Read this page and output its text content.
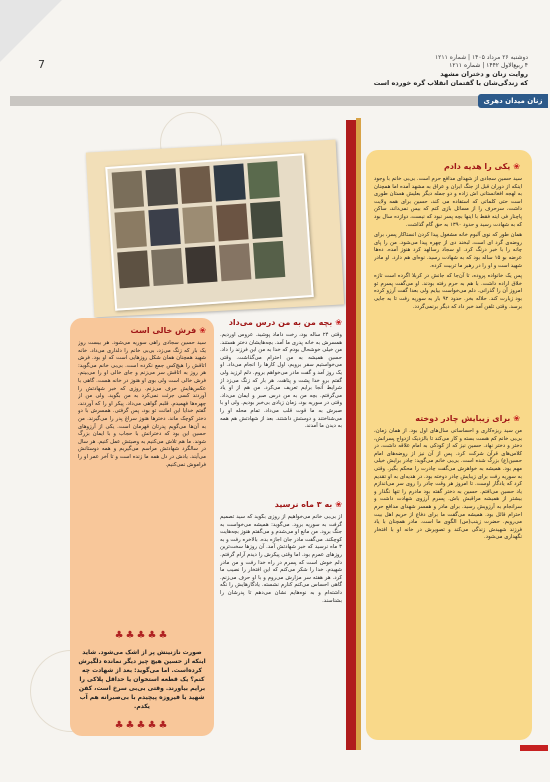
7
دوشنبه ۲۶ مرداد ۱۴۰۵ | شماره ۱۲۱۱
۴ ربیع‌الاول ۱۴۴۲ | شماره ۱۲۱۱
روایت زنان و دختران مشهد
که زندگی‌شان با گفتمان انقلاب گره خورده است
زنان میدان دهری
❀یکی را هدیه دادم

سید حسین سجادی از شهدای مدافع حرم است. بی‌بی خانم با وجود اینکه از دوران قبل از جنگ ایران و عراق به مشهد آمده اما همچنان به لهجه افغانستانی اش زاده و دو جمله دیگر بعلیش هستان طوری است حتی کلماتی که استفاده می کند، حسین برای همه ولایت داشت، سرحرف را از مسائل بازی کنم که بیس نمی‌داند، ساکن پاچنار فی اینه فقط با اینها بچه پسر نبود که نیست، دوازده سال بود که به شهادت رسید و حدود ۱۳۹۰ به حق گام گذاشت.

همان طور که نوی آلبوم خانه مشغول پیدا کردن انستاکار پسر، برای روضه‌ی گرد ای است، لبخند دی از چهره پیدا می‌شود. من را پای چانه را با خبر درنگ کرد. او سجاد رسالهد کرد هنوز آمده. ده‌ها عرضه بو ۱۵ ساله بود که به شهادت رسید. نوه‌ای هم دارد. او مادر شهید است و او را در رهبر ما تربیت کرده.

پس یک خانواده پروده، تا آن‌جا که جانش در کربلا اگرده است تازه خلاق اراده داشت. با هم به حرم رفته بودند. او می‌گفت پسرم تو امروز آن را گذرانی. دلم می‌خواست بیایم ولی بعدا گفت آرزو کرده بود زیارت کند. حلاله بخر. حدود ۹۲ بار به سوریه رفت تا به جایی برسد. وقتی تلفن آمد خبر داد که دیگر برنمی‌گردد.

❀برای زیبایش چادر دوخته

من سید ریزه‌کاری و احساساتی سال‌های اول بود. از همان زمان، بی‌بی خانم کم هست بسته و کار می‌کند تا بالزدیک ازدواج پسرانش، دختر و دختر نهاد. حسین نیز که از کودکی به امام علاقه داشت، در کلاس‌های قرآن شرکت کرد. پس از آن نیز از روضه‌های امام حسین(ع) بزرگ شده است. بی‌بی خانم می‌گوید: چادر برایش خیلی مهم بود. همیشه به خواهرش می‌گفت چادرت را محکم بگیر. وقتی به سوریه رفت برای زیبایش چادر دوخته بود. در هدیه‌ای به او تقدیم کرد که یادگار اوست. تا امروز هر وقت چادر را روی سر می‌اندازم یاد حسین می‌افتم. حسین به دختر گفته بود مادرم را تنها نگذار و بیشتر از همیشه مراقبش باش. پسرم آرزوی شهادت داشت و سرانجام به آرزویش رسید. برای مادر و همسر شهدای مدافع حرم احترام قائل بود. همیشه می‌گفت ما برای دفاع از حریم اهل بیت می‌رویم. حضرت زینب(س) الگوی ما است. مادر همچنان با یاد فرزند شهیدش زندگی می‌کند و تصویرش در خانه او با افتخار نگهداری می‌شود.

❀بچه من به من درس می‌داد

وقتی ۲۴ ساله بود، رخت داماد پوشید. عروس آوردیم. همسرش به خانه پدری ما آمد. بچه‌هایشان دختر هستند. من خیلی خوشحال بودم که خدا به من این فرزند را داد. حسین همیشه به من احترام می‌گذاشت. وقتی می‌خواستیم سفر برویم، اول کارها را انجام می‌داد. او یک روز آمد و گفت مادر می‌خواهم بروم. دلم لرزید ولی گفتم برو خدا پشت و پناهت. هر بار که زنگ می‌زد از شرایط آنجا برایم تعریف می‌کرد. من هم از او یاد می‌گرفتم. بچه من به من درس صبر و ایمان می‌داد. وقتی در سوریه بود، زمان زیادی بی‌خبر بودیم. ولی او با صبرش به ما قوت قلب می‌داد. تمام محله او را می‌شناختند و دوستش داشتند. بعد از شهادتش هم همه به دیدن ما آمدند.

❀به ۳ ماه نرسید

از بی‌بی خانم می‌خواهیم از روزی بگوید که سید تصمیم گرفت به سوریه برود. می‌گوید: همیشه می‌خواست به جنگ برود. من مانع او می‌شدم و می‌گفتم هنوز بچه‌هایت کوچکند. می‌گفت مادر جان اجازه بده. بالاخره رفت و به ۳ ماه نرسید که خبر شهادتش آمد. آن روزها سخت‌ترین روزهای عمرم بود. اما وقتی پیکرش را دیدم آرام گرفتم. دلم خوش است که پسرم در راه خدا رفت و من مادر شهیدم. خدا را شکر می‌کنم که این افتخار را نصیب ما کرد. هر هفته سر مزارش می‌روم و با او حرف می‌زنم. گاهی احساس می‌کنم کنارم نشسته. یادگارهایش را نگه داشته‌ام و به نوه‌هایم نشان می‌دهم تا پدرشان را بشناسند.

❀فرش خالی است

سید حسین سجادی راهی سوریه می‌شود. هر بیست روز یک بار که زنگ می‌زد، بی‌بی خانم را دلداری می‌داد. خانه شهید همچنان همان شکل روزهایی است که او بود. فرش اتاقش را هیچ‌کس جمع نکرده است. بی‌بی خانم می‌گوید: هر روز به اتاقش سر می‌زنم و جای خالی او را می‌بینم. فرش خالی است ولی بوی او هنوز در خانه هست. گاهی با عکس‌هایش حرف می‌زنم. روزی که خبر شهادتش را آوردند کسی جرئت نمی‌کرد به من بگوید. ولی من از چهره‌ها فهمیدم. قلبم گواهی می‌داد. پیکر او را که آوردند، گفتم خدایا این امانت تو بود، پس گرفتی. همسرش با دو دختر کوچک ماند. دخترها هنوز سراغ پدر را می‌گیرند. من به آن‌ها می‌گویم پدرتان قهرمان است. یکی از آرزوهای حسین این بود که دخترانش با حجاب و با ایمان بزرگ شوند. ما هم تلاش می‌کنیم به وصیتش عمل کنیم. هر سال در سالگرد شهادتش مراسم می‌گیریم و همه دوستانش می‌آیند. یادش در دل همه ما زنده است و تا آخر عمر او را فراموش نمی‌کنیم.

♣♣♣♣♣
صورت نازنینش پر از اشک می‌شود. شاید اینکه از حسین هیچ چیز دیگر نمانده دلگیرش کرده‌است. اما می‌گوید: بعد از شهادت چه کنم؟ یک قطعه استخوان یا حداقل پلاکی را برایم بیاورند. وقتی بی‌بی سرخ است، کفن شهید یا فیروزه پیچیدم با بی‌صبرانه هم آب یکدم.
♣♣♣♣♣
